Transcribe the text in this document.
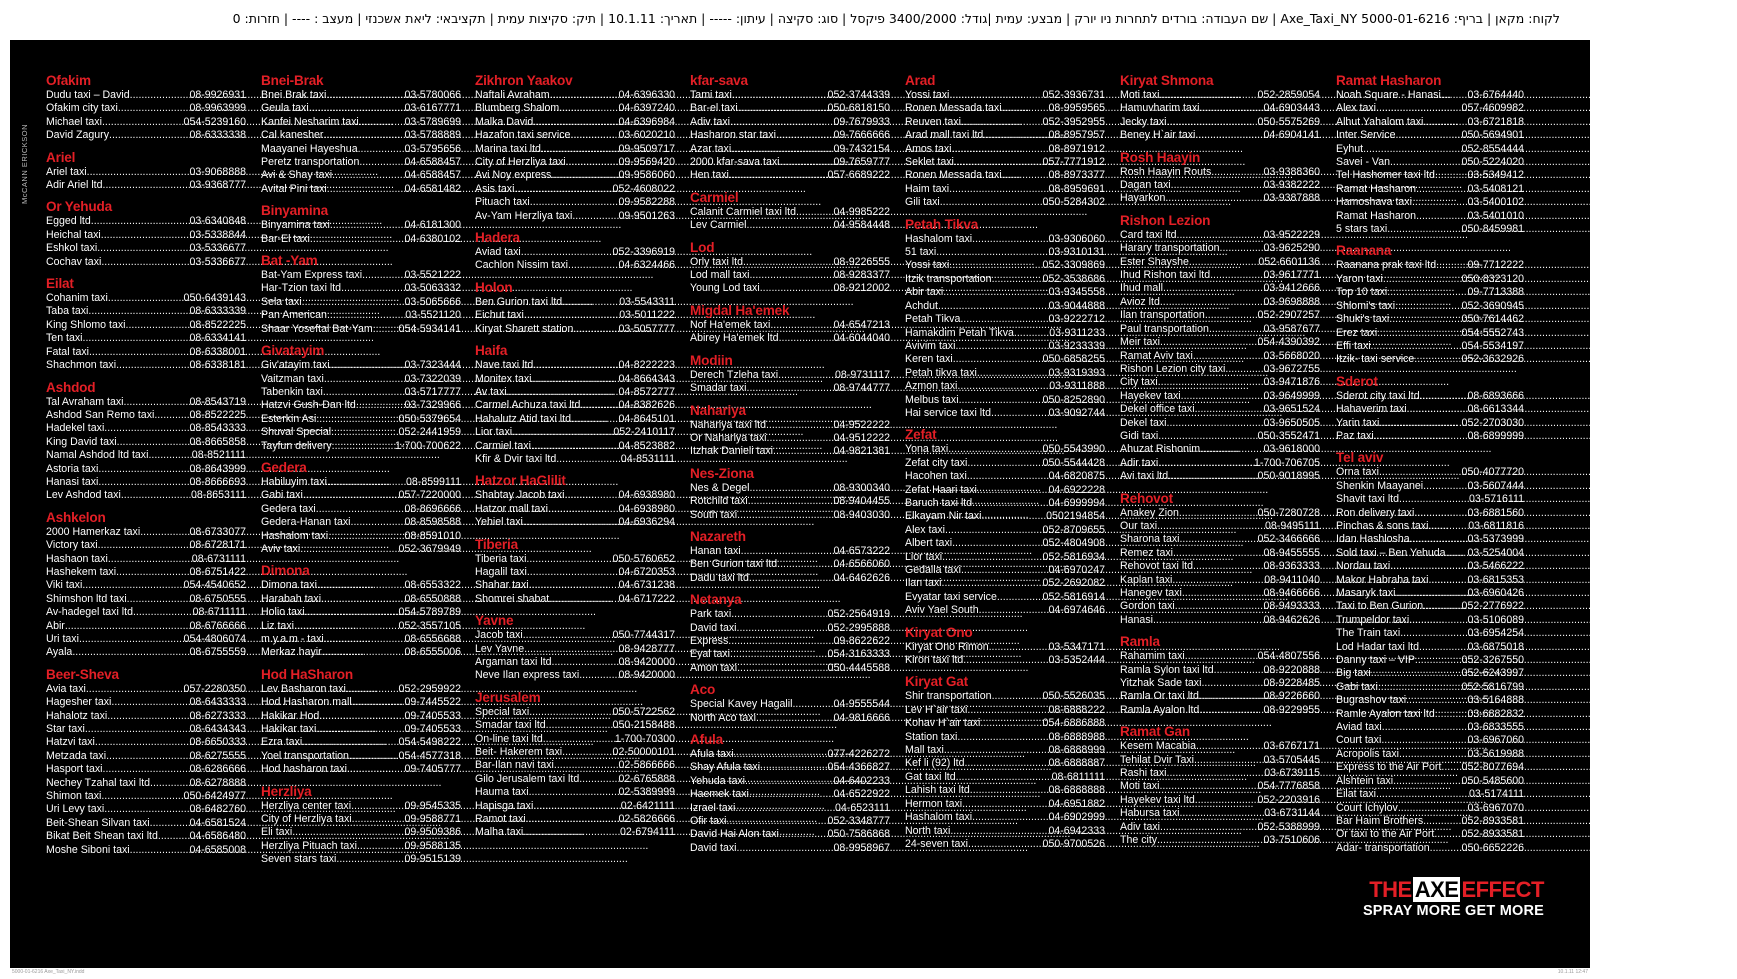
לקוח: מקאן | בריף: 5000-01-6216 Axe_Taxi_NY | שם העבודה: בורדים לתחרות ניו יורק | מבצע: עמית |גודל: 3400/2000 פיקסל | סוג: סקיצה | עיתון: ----- | תאריך: 10.1.11 | תיק: סקיצות עמית | תקציבאי: ליאת אשכנזי | מעצב : ---- | חזרות: 0
McCANN ERICKSON
Ofakim
Dudu taxi – David .....	08-9926931
Ofakim city taxi .....	08-9963999
Michael taxi .....	054-5239160
David Zagury .....	08-6333338
Ariel
Ariel taxi .....	03-9068888
Adir Ariel ltd .....	03-9368777
Or Yehuda
Egged ltd .....	03-6340848
Heichal taxi .....	03-5338844
Eshkol taxi .....	03-5336677
Cochav taxi .....	03-5336677
Eilat
Cohanim taxi .....	050-6439143
Taba taxi .....	08-6333339
King Shlomo taxi .....	08-8522225
Ten taxi .....	08-6334141
Fatal taxi .....	08-6338001
Shachmon taxi .....	08-6338181
Ashdod
Tal Avraham taxi .....	08-8543719
Ashdod San Remo taxi .....	08-8522225
Hadekel taxi .....	08-8543333
King David taxi .....	08-8665858
Namal Ashdod ltd taxi .....	08-8521111
Astoria taxi .....	08-8643999
Hanasi taxi .....	08-8666693
Lev Ashdod taxi .....	08-8653111
Ashkelon
2000 Hamerkaz taxi .....	08-6733077
Victory taxi .....	08-6728171
Hashaon taxi .....	08-6731111
Hashekem taxi .....	08-6751422
Viki taxi .....	054-4540652
Shimshon ltd taxi .....	08-6750555
Av-hadegel taxi ltd .....	08-6711111
Abir .....	08-6766666
Uri taxi .....	054-4806074
Ayala .....	08-6755559
Beer-Sheva
Avia taxi .....	057-2280350
Hagesher taxi .....	08-6433333
Hahalotz taxi .....	08-6273333
Star taxi .....	08-6434343
Hatzvi taxi .....	08-6650333
Metzada taxi .....	08-6275555
Hasport taxi .....	08-6286666
Nechey Tzahal taxi ltd .....	08-6278888
Shimon taxi .....	050-6424977
Uri Levy taxi .....	08-6482760
Beit-Shean Silvan taxi .....	04-6581524
Bikat Beit Shean taxi ltd .....	04-6586480
Moshe Siboni taxi .....	04-6585008
Bnei-Brak
Bnei Brak taxi .....	03-5780066
Geula taxi .....	03-6167771
Kanfei Nesharim taxi .....	03-5789699
Cal kanesher .....	03-5788889
Maayanei Hayeshua .....	03-5795656
Peretz transportation .....	04-6588457
Avi & Shay taxi .....	04-6588457
Avital Pini taxi .....	04-6581482
Binyamina
Binyamina taxi .....	04-6181300
Bar-El taxi .....	04-6380102
Bat -Yam
Bat-Yam Express taxi .....	03-5521222
Har-Tzion taxi ltd .....	03-5063332
Sela taxi .....	03-5065666
Pan American .....	03-5521120
Shaar Yoseftal Bat-Yam ..... 054-5934141
Givatayim
Giv'atayim taxi .....	03-7323444
Vaitzman taxi .....	03-7322039
Tabenkin taxi .....	03-5717777
Hatzvi Gush-Dan ltd .....	03-7329966
Esterkin Asi .....	050-5379654
Shuval Special .....	052-2441959
Tayfun delivery .....	1-700-700622
Gedera
Habiluyim taxi .....	08-8599111
Gabi taxi .....	057-7220000
Gedera taxi .....	08-8696666
Gedera-Hanan taxi .....	08-8598588
Hashalom taxi .....	08-8591010
Aviv taxi .....	052-3679949
Dimona
Dimona taxi .....	08-6553322
Harabah taxi .....	08-6550888
Holio taxi .....	054-5789789
Liz taxi .....	052-3557105
m.y.a.m - taxi .....	08-6556688
Merkaz hayir .....	08-6555006
Hod HaSharon
Lev Basharon taxi .....	052-2959922
Hod Hasharon mall .....	09-7445522
Hakikar Hod .....	09-7405533
Hakikar taxi .....	09-7405533
Ezra taxi .....	054-5498222
Yoel transportation .....	054-4577318
Hod hasharon taxi .....	09-7405777
Herzliya
Herzliya center taxi .....	09-9545335
City of Herzliya taxi .....	09-9588771
Eli taxi .....	09-9509386
Herzliya Pituach taxi .....	09-9588135
Seven stars taxi .....	09-9515139
Zikhron Yaakov
Naftali Avraham .....	04-6396330
Blumberg Shalom .....	04-6397240
Malka David .....	04-6396984
Hazafon taxi service .....	03-6020210
Marina taxi ltd .....	09-9509717
City of Herzliya taxi .....	09-9569420
Avi Noy express .....	09-9586060
Asis taxi .....	052-4608022
Pituach taxi .....	09-9582288
Av-Yam Herzliya taxi .....	09-9501263
Hadera
Aviad taxi .....	052-3396919
Cachlon Nissim taxi .....	04-6324466
Holon
Ben Gurion taxi ltd .....	03-5543311
Eichut taxi .....	03-5011222
Kiryat Sharett station .....	03-5057777
Haifa
Nave taxi ltd .....	04-8222223
Monitex taxi .....	04-8664343
Av taxi .....	04-8572777
Carmel Achuza taxi ltd .....	04-8382626
Hahalutz Atid taxi ltd .....	04-8645101
Lior taxi .....	052-2410117
Carmiel taxi .....	04-8523882
Kfir & Dvir taxi ltd .....	04-8531111
Hatzor HaGlilit
Shabtay Jacob taxi .....	04-6938980
Hatzor mall taxi .....	04-6938980
Yehiel taxi .....	04-6936294
Tiberia
Tiberia taxi .....	050-5760652
Hagalil taxi .....	04-6720353
Shahar taxi .....	04-6731238
Shomrei shabat .....	04-6717222
Yavne
Jacob taxi .....	050-7744317
Lev Yavne .....	08-9428777
Argaman taxi ltd .....	08-9420000
Neve Ilan express taxi .....	08-9420000
Jerusalem
Special taxi .....	050-5722562
Smadar taxi ltd .....	050-2158488
On-line taxi ltd .....	1-700-70300
Beit- Hakerem taxi .....	02-50000101
Bar-Ilan navi taxi .....	02-5866666
Gilo Jerusalem taxi ltd .....	02-6765888
Hauma taxi .....	02-5389999
Hapisga taxi .....	02-6421111
Ramot taxi .....	02-5826666
Malha taxi .....	02-6794111
kfar-sava
Tami taxi .....	052-3744339
Bar-el taxi .....	050-6818150
Adiv taxi .....	09-7679933
Hasharon star taxi .....	09-7666666
Azar taxi .....	09-7432154
2000 kfar-sava taxi .....	09-7659777
Hen taxi .....	057-6689222
Carmiel
Calanit Carmiel taxi ltd .....	04-9985222
Lev Carmiel .....	04-9584448
Lod
Orly taxi ltd .....	08-9226555
Lod mall taxi .....	08-9283377
Young Lod taxi .....	08-9212002
Migdal Ha'emek
Nof Ha'emek taxi .....	04-6547213
Abirey Ha'emek ltd .....	04-6044040
Modiin
Derech Tzleha taxi .....	08-9731117
Smadar taxi .....	08-9744777
Nahariya
Nahariya taxi ltd .....	04-9522222
Or Nahariya taxi .....	04-9512222
Itzhak Danieli taxi .....	04-9821381
Nes-Ziona
Nes & Degel .....	08-9300340
Rotchild taxi .....	08-9404455
South taxi .....	08-9403030
Nazareth
Hanan taxi .....	04-6573222
Ben Gurion taxi ltd .....	04-6566060
Dadu taxi ltd .....	04-6462626
Netanya
Park taxi .....	052-2564919
David taxi .....	052-2995888
Express .....	09-8622622
Eyal taxi .....	054-3163333
Amon taxi .....	050-4445588
Aco
Special Kavey Hagalil .....	04-9555544
North Aco taxi .....	04-9816666
Afula
Afula taxi .....	077-4226272
Shay Afula taxi .....	054-4366827
Yehuda taxi .....	04-6402233
Haemek taxi .....	04-6522922
Izrael taxi .....	04-6523111
Ofir taxi .....	052-3348777
David Hai Alon taxi .....	050-7586868
David taxi .....	08-9958967
Arad
Yossi taxi .....	052-3936731
Ronen Messada taxi .....	08-9959565
Reuven taxi .....	052-3952955
Arad mall taxi ltd .....	08-8957957
Amos taxi .....	08-8971912
Seklet taxi .....	057-7771912
Ronen Messada taxi .....	08-8973377
Haim taxi .....	08-8959691
Gili taxi .....	050-5284302
Petah Tikva
Hashalom taxi .....	03-9306060
51 taxi .....	03-9310131
Yossi taxi .....	052-3309869
Itzik transportation .....	052-3538686
Abir taxi .....	03-9345558
Achdut .....	03-9044888
Petah Tikva .....	03-9222712
Hamakdim Petah Tikva .....	03-9311233
Avivim taxi .....	03-9233339
Keren taxi .....	050-6858255
Petah tikva taxi .....	03-9319393
Azmon taxi .....	03-9311888
Melbus taxi .....	050-8252890
Hai service taxi ltd .....	03-9092744
Zefat
Yona taxi .....	050-5543990
Zefat city taxi .....	050-5544428
Hacohen taxi .....	04-6820875
Zefat Haari taxi .....	04-6922228
Baruch taxi ltd .....	04-6999994
Elkayam Nir taxi .....	0502194854
Alex taxi .....	052-8709655
Albert taxi .....	052-4804908
Lior taxi .....	052-5816934
Gedalia taxi .....	04-6970247
Ilan taxi .....	052-2692082
Evyatar taxi service .....	052-5816914
Aviv Yael South .....	04-6974646
Kiryat Ono
Kiryat Ono Rimon .....	03-5347171
Kiron taxi ltd .....	03-5352444
Kiryat Gat
Shir transportation .....	050-5526035
Lev H`air taxi .....	08-6888222
Kohav H`air taxi .....	054-6886888
Station taxi .....	08-6888988
Mall taxi .....	08-6888999
Kef li (92) ltd .....	08-6888887
Gat taxi ltd .....	08-6811111
Lahish taxi ltd .....	08-6888888
Hermon taxi .....	04-6951882
Hashalom taxi .....	04-6902999
North taxi .....	04-6942333
24-seven taxi .....	050-9700526
Kiryat Shmona
Moti taxi .....	052-2859054
Hamuvharim taxi .....	04-6903443
Jecky taxi .....	050-5575269
Beney H`air taxi .....	04-6904141
Rosh Haayin
Rosh Haayin Routs .....	03-9388360
Dagan taxi .....	03-9382222
Hayarkon .....	03-9387888
Rishon Lezion
Card taxi ltd .....	03-9522229
Harary transportation .....	03-9625290
Ester Shayshe .....	052-6601136
Ihud Rishon taxi ltd .....	03-9617771
Ihud mall .....	03-9412666
Avioz ltd .....	03-9698888
Ilan transportation .....	052-2907257
Paul transportation .....	03-9587677
Meir taxi .....	054-4390392
Ramat Aviv taxi .....	03-5668020
Rishon Lezion city taxi .....	03-9672755
City taxi .....	03-9471876
Hayekev taxi .....	03-9649999
Dekel office taxi .....	03-9651524
Dekel taxi .....	03-9650505
Gidi taxi .....	050-3552471
Ahuzat Rishonim .....	03-9618000
Adir taxi .....	1-700-706705
Avi taxi ltd .....	050-9018995
Rehovot
Anakey Zion .....	050-7280728
Our taxi .....	08-9495111
Sharona taxi .....	052-3466666
Remez taxi .....	08-9455555
Rehovot taxi ltd .....	08-9363333
Kaplan taxi .....	08-9411040
Hanegev taxi .....	08-9466666
Gordon taxi .....	08-9493333
Hanasi .....	08-9462626
Ramla
Rahamim taxi .....	054-4807556
Ramla Sylon taxi ltd .....	08-9220888
Yitzhak Sade taxi .....	08-9228485
Ramla Or taxi ltd .....	08-9226660
Ramla Ayalon ltd .....	08-9229955
Ramat Gan
Kesem Macabia .....	03-6767171
Tehilat Dvir Taxi .....	03-5705445
Rashi taxi .....	03-6739115
Moti taxi .....	054-7776858
Hayekev taxi ltd .....	052-2203916
Habursa taxi .....	03-6731144
Adiv taxi .....	052-5388999
The city .....	03-7510606
Ramat Hasharon
Noah Square - Hanasi .....	03-6764440
Alex taxi .....	057-4609982
Alhut Yahalom taxi .....	03-6721818
Inter Service .....	050-5694901
Eyhut .....	052-8554444
Savei - Van .....	050-5224020
Tel Hashomer taxi ltd .....	03-5349412
Ramat Hasharon .....	03-5408121
Hamoshava taxi .....	03-5400102
Ramat Hasharon .....	03-5401010
5 stars taxi .....	050-8459981
Raanana
Raanana prak taxi ltd .....	09-7712222
Yaron taxi .....	050-8323120
Top 10 taxi .....	09-7713388
Shlomi's taxi .....	052-3690945
Shuki's taxi .....	050-7614462
Erez taxi .....	054-5552743
Effi taxi .....	054-5534197
Itzik- taxi service .....	052-3632926
Sderot
Sderot city taxi ltd .....	08-6893666
Hahaverim taxi .....	08-6613344
Yarin taxi .....	052-2703030
Paz taxi .....	08-6899999
Tel aviv
Orna taxi .....	050-4077720
Shenkin Maayanei .....	03-5607444
Shavit taxi ltd .....	03-5716111
Ron delivery taxi .....	03-6881560
Pinchas & sons taxi .....	03-6811816
Idan Hashlosha .....	03-5373999
Sold taxi – Ben Yehuda ..... 03-5254004
Nordau taxi .....	03-5466222
Makor Habraha taxi .....	03-6815353
Masaryk taxi .....	03-6960426
Taxi to Ben Gurion .....	052-2776922
Trumpeldor taxi .....	03-5106089
The Train taxi .....	03-6954254
Lod Hadar taxi ltd .....	03-6875018
Danny taxi – VIP .....	052-3267550
Big taxi .....	052-6243997
Gabi taxi .....	052-5816799
Bugrashov taxi .....	03-5164888
Ramle Ayalon taxi ltd .....	03-6882832
Aviad taxi .....	03-6833555
Court taxi .....	03-6967060
Acropolis taxi .....	03-5619988
Express to the Air Port ..... 052-8077694
Alshtein taxi .....	050-5485600
Eilat taxi .....	03-5174111
Court Ichylov .....	03-6967070
Bar Haim Brothers .....	052-8933581
Or taxi to the Air Port .....	052-8933581
Adar- transportation .....	050-6652226
THE AXE EFFECT
SPRAY MORE GET MORE
5000-01-6216 Axe_Taxi_NY.indd	10.1.11 12:47
